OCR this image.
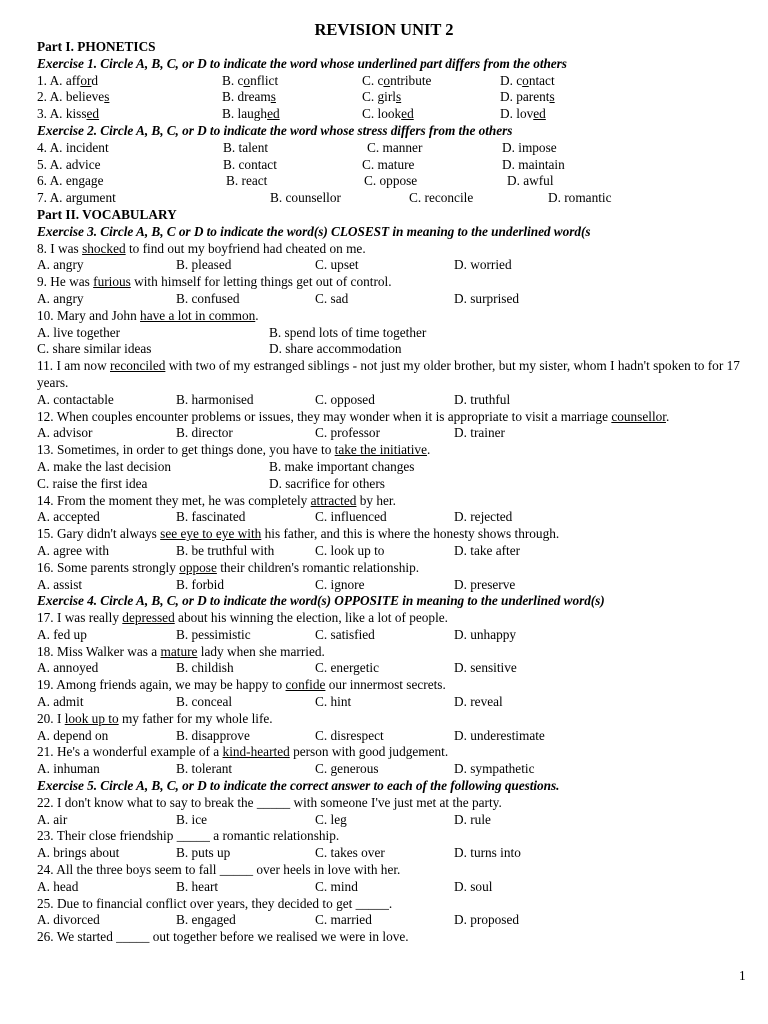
REVISION UNIT 2
Part I. PHONETICS
Exercise 1. Circle A, B, C, or D to indicate the word whose underlined part differs from the others
1. A. afford	B. conflict	C. contribute	D. contact
2. A. believes	B. dreams	C. girls	D. parents
3. A. kissed	B. laughed	C. looked	D. loved
Exercise 2. Circle A, B, C, or D to indicate the word whose stress differs from the others
4. A. incident	B. talent	C. manner	D. impose
5. A. advice	B. contact	C. mature	D. maintain
6. A. engage	B. react	C. oppose	D. awful
7. A. argument	B. counsellor	C. reconcile	D. romantic
Part II. VOCABULARY
Exercise 3. Circle A, B, C or D to indicate the word(s) CLOSEST in meaning to the underlined word(s
8. I was shocked to find out my boyfriend had cheated on me.
A. angry	B. pleased	C. upset	D. worried
9. He was furious with himself for letting things get out of control.
A. angry	B. confused	C. sad	D. surprised
10. Mary and John have a lot in common.
A. live together	B. spend lots of time together
C. share similar ideas	D. share accommodation
11. I am now reconciled with two of my estranged siblings - not just my older brother, but my sister, whom I hadn't spoken to for 17 years.
A. contactable	B. harmonised	C. opposed	D. truthful
12. When couples encounter problems or issues, they may wonder when it is appropriate to visit a marriage counsellor.
A. advisor	B. director	C. professor	D. trainer
13. Sometimes, in order to get things done, you have to take the initiative.
A. make the last decision	B. make important changes
C. raise the first idea	D. sacrifice for others
14. From the moment they met, he was completely attracted by her.
A. accepted	B. fascinated	C. influenced	D. rejected
15. Gary didn't always see eye to eye with his father, and this is where the honesty shows through.
A. agree with	B. be truthful with	C. look up to	D. take after
16. Some parents strongly oppose their children's romantic relationship.
A. assist	B. forbid	C. ignore	D. preserve
Exercise 4. Circle A, B, C, or D to indicate the word(s) OPPOSITE in meaning to the underlined word(s)
17. I was really depressed about his winning the election, like a lot of people.
A. fed up	B. pessimistic	C. satisfied	D. unhappy
18. Miss Walker was a mature lady when she married.
A. annoyed	B. childish	C. energetic	D. sensitive
19. Among friends again, we may be happy to confide our innermost secrets.
A. admit	B. conceal	C. hint	D. reveal
20. I look up to my father for my whole life.
A. depend on	B. disapprove	C. disrespect	D. underestimate
21. He's a wonderful example of a kind-hearted person with good judgement.
A. inhuman	B. tolerant	C. generous	D. sympathetic
Exercise 5. Circle A, B, C, or D to indicate the correct answer to each of the following questions.
22. I don't know what to say to break the _____ with someone I've just met at the party.
A. air	B. ice	C. leg	D. rule
23. Their close friendship _____ a romantic relationship.
A. brings about	B. puts up	C. takes over	D. turns into
24. All the three boys seem to fall _____ over heels in love with her.
A. head	B. heart	C. mind	D. soul
25. Due to financial conflict over years, they decided to get _____.
A. divorced	B. engaged	C. married	D. proposed
26. We started _____ out together before we realised we were in love.
1
